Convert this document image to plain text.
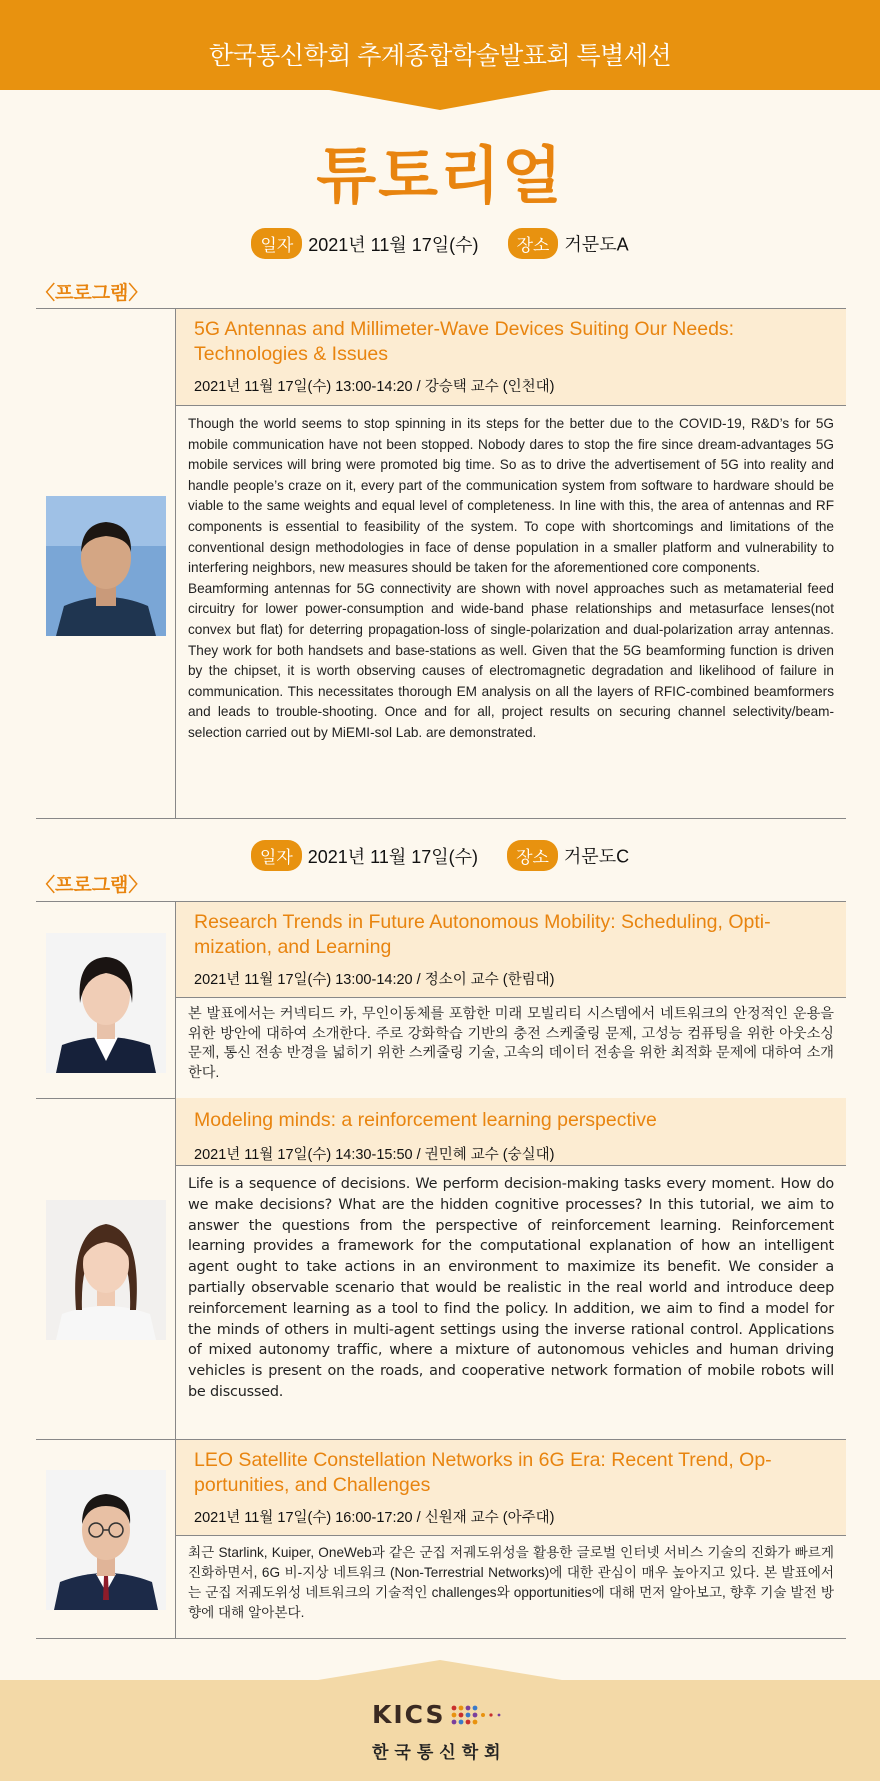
한국통신학회 추계종합학술발표회 특별세션
튜토리얼
일자 2021년 11월 17일(수) 장소 거문도A
〈프로그램〉
5G Antennas and Millimeter-Wave Devices Suiting Our Needs:
Technologies & Issues
2021년 11월 17일(수) 13:00-14:20 / 강승택 교수 (인천대)
Though the world seems to stop spinning in its steps for the better due to the COVID-19, R&D’s for 5G mobile communication have not been stopped. Nobody dares to stop the fire since dream-advantages 5G mobile services will bring were promoted big time. So as to drive the advertisement of 5G into reality and handle people’s craze on it, every part of the communication system from software to hardware should be viable to the same weights and equal level of completeness. In line with this, the area of antennas and RF components is essential to feasibility of the system. To cope with shortcomings and limitations of the conventional design methodologies in face of dense population in a smaller platform and vulnerability to interfering neighbors, new measures should be taken for the aforementioned core components.
Beamforming antennas for 5G connectivity are shown with novel approaches such as metamaterial feed circuitry for lower power-consumption and wide-band phase relationships and metasurface lenses(not convex but flat) for deterring propagation-loss of single-polarization and dual-polarization array antennas. They work for both handsets and base-stations as well. Given that the 5G beamforming function is driven by the chipset, it is worth observing causes of electromagnetic degradation and likelihood of failure in communication. This necessitates thorough EM analysis on all the layers of RFIC-combined beamformers and leads to trouble-shooting. Once and for all, project results on securing channel selectivity/beam-selection carried out by MiEMI-sol Lab. are demonstrated.
일자 2021년 11월 17일(수) 장소 거문도C
〈프로그램〉
Research Trends in Future Autonomous Mobility: Scheduling, Opti-
mization, and Learning
2021년 11월 17일(수) 13:00-14:20 / 정소이 교수 (한림대)
본 발표에서는 커넥티드 카, 무인이동체를 포함한 미래 모빌리티 시스템에서 네트워크의 안정적인 운용을 위한 방안에 대하여 소개한다. 주로 강화학습 기반의 충전 스케줄링 문제, 고성능 컴퓨팅을 위한 아웃소싱 문제, 통신 전송 반경을 넓히기 위한 스케줄링 기술, 고속의 데이터 전송을 위한 최적화 문제에 대하여 소개한다.
Modeling minds: a reinforcement learning perspective
2021년 11월 17일(수) 14:30-15:50 / 권민혜 교수 (숭실대)
Life is a sequence of decisions. We perform decision-making tasks every moment. How do we make decisions? What are the hidden cognitive processes? In this tutorial, we aim to answer the questions from the perspective of reinforcement learning. Reinforcement learning provides a framework for the computational explanation of how an intelligent agent ought to take actions in an environment to maximize its benefit. We consider a partially observable scenario that would be realistic in the real world and introduce deep reinforcement learning as a tool to find the policy. In addition, we aim to find a model for the minds of others in multi-agent settings using the inverse rational control. Applications of mixed autonomy traffic, where a mixture of autonomous vehicles and human driving vehicles is present on the roads, and cooperative network formation of mobile robots will be discussed.
LEO Satellite Constellation Networks in 6G Era: Recent Trend, Op-
portunities, and Challenges
2021년 11월 17일(수) 16:00-17:20 / 신원재 교수 (아주대)
최근 Starlink, Kuiper, OneWeb과 같은 군집 저궤도위성을 활용한 글로벌 인터넷 서비스 기술의 진화가 빠르게 진화하면서, 6G 비-지상 네트워크 (Non-Terrestrial Networks)에 대한 관심이 매우 높아지고 있다. 본 발표에서는 군집 저궤도위성 네트워크의 기술적인 challenges와 opportunities에 대해 먼저 알아보고, 향후 기술 발전 방향에 대해 알아본다.
KICS
한국통신학회
